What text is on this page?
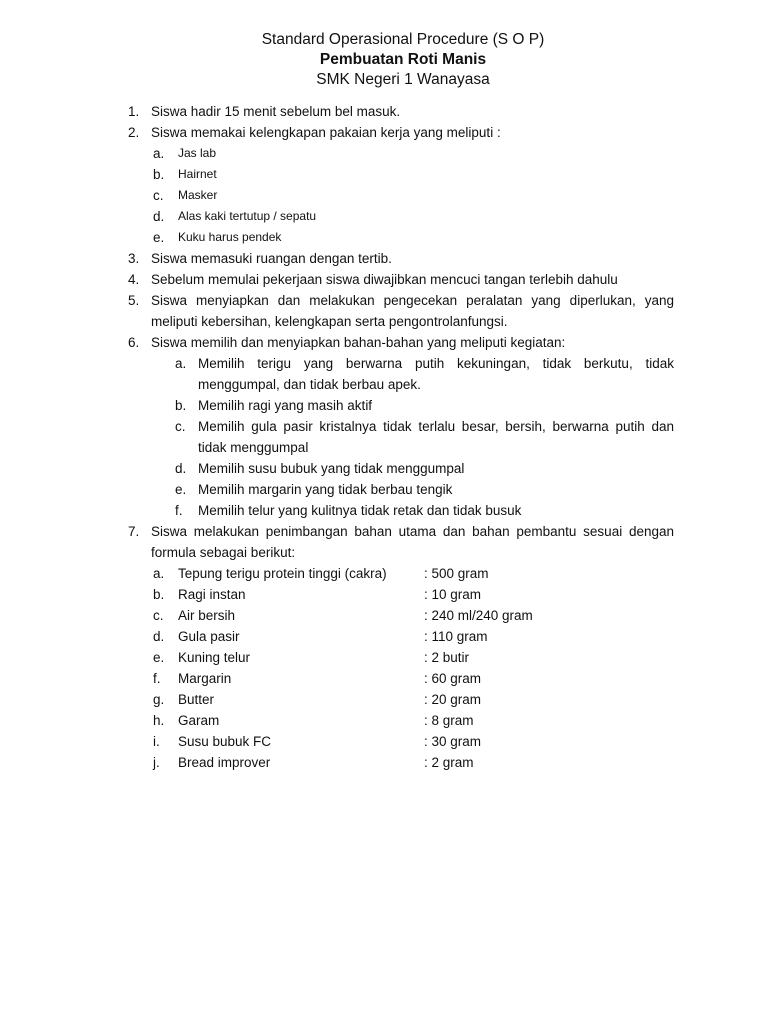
Standard Operasional Procedure (S O P)
Pembuatan Roti Manis
SMK Negeri 1 Wanayasa
1. Siswa hadir 15 menit sebelum bel masuk.
2. Siswa memakai kelengkapan pakaian kerja yang meliputi :
a.	Jas lab
b.	Hairnet
c.	Masker
d.	Alas kaki tertutup / sepatu
e.	Kuku harus pendek
3. Siswa memasuki ruangan dengan tertib.
4. Sebelum memulai pekerjaan siswa diwajibkan mencuci tangan terlebih dahulu
5. Siswa menyiapkan dan melakukan pengecekan peralatan yang diperlukan, yang meliputi kebersihan, kelengkapan serta pengontrolanfungsi.
6. Siswa memilih dan menyiapkan bahan-bahan yang meliputi kegiatan:
a. Memilih terigu yang berwarna putih kekuningan, tidak berkutu, tidak menggumpal, dan tidak berbau apek.
b. Memilih ragi yang masih aktif
c. Memilih gula pasir kristalnya tidak terlalu besar, bersih, berwarna putih dan tidak menggumpal
d. Memilih susu bubuk yang tidak menggumpal
e. Memilih margarin yang tidak berbau tengik
f.	Memilih telur yang kulitnya tidak retak dan tidak busuk
7. Siswa melakukan penimbangan bahan utama dan bahan pembantu sesuai dengan formula sebagai berikut:
a.	Tepung terigu protein tinggi (cakra)	: 500 gram
b.	Ragi instan	: 10 gram
c.	Air bersih	: 240 ml/240 gram
d.	Gula pasir	: 110 gram
e.	Kuning telur	: 2 butir
f.	Margarin	: 60 gram
g.	Butter	: 20 gram
h.	Garam	: 8 gram
i.	Susu bubuk FC	: 30 gram
j.	Bread improver	: 2 gram
